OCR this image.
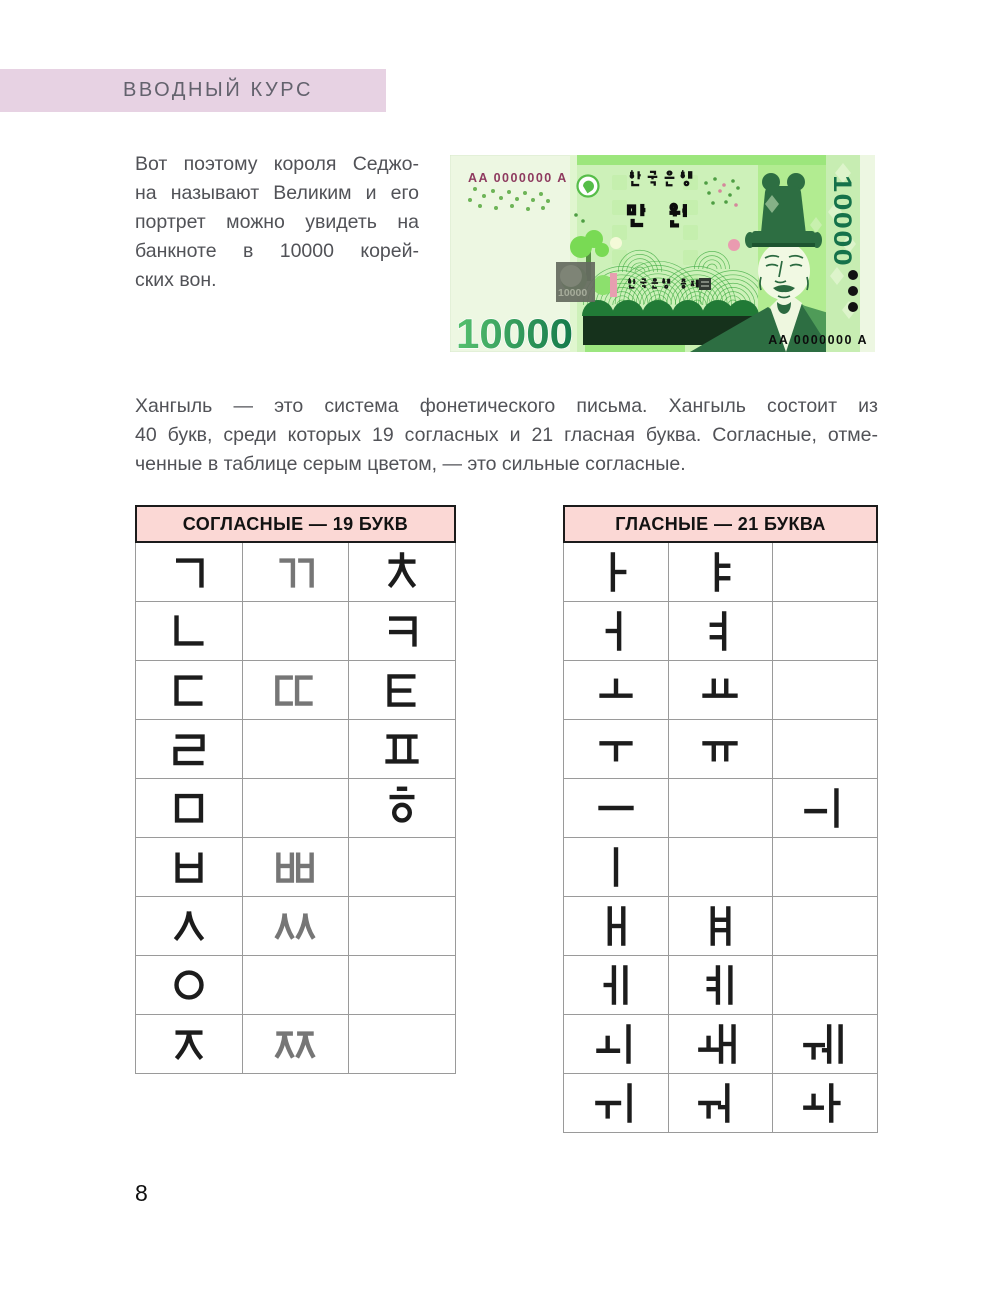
ВВОДНЫЙ КУРС
Вот поэтому короля Седжо-
на называют Великим и его
портрет можно увидеть на
банкноте в 10000 корей-
ских вон.
10000
AA 0000000 A
10000
10000	AA 0000000 A
Хангыль — это система фонетического письма. Хангыль состоит из
40 букв, среди которых 19 согласных и 21 гласная буква. Согласные, отме-
ченные в таблице серым цветом, — это сильные согласные.
СОГЛАСНЫЕ — 19 БУКВ	ГЛАСНЫЕ — 21 БУКВА
8
